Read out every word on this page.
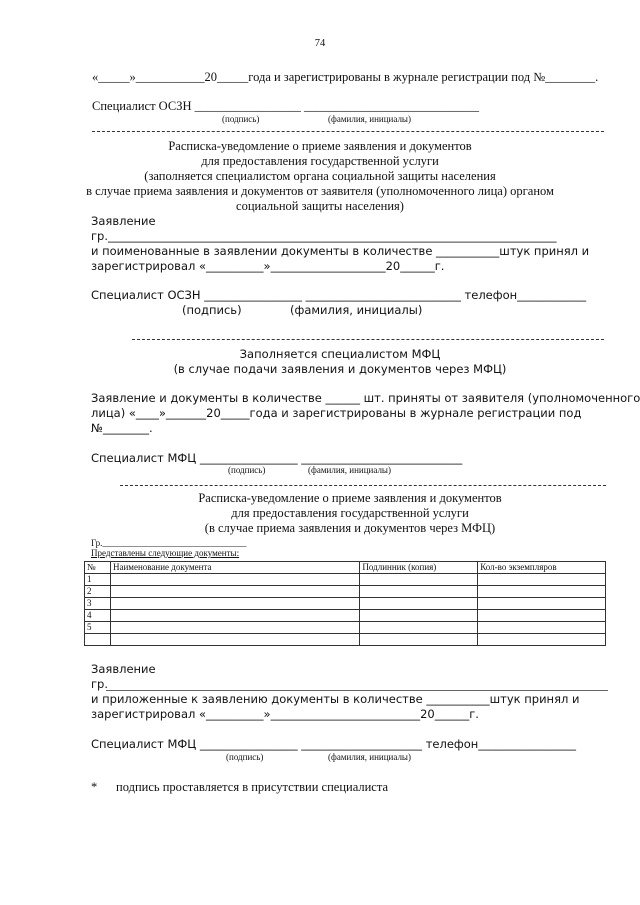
74
«_____»___________20_____года и зарегистрированы в журнале регистрации под №________.
Специалист ОСЗН _________________ ____________________________
(подпись)	(фамилия, инициалы)
Расписка-уведомление о приеме заявления и документов
для предоставления государственной услуги
(заполняется специалистом органа социальной защиты населения
в случае приема заявления и документов от заявителя (уполномоченного лица) органом
социальной защиты населения)
Заявление
гр.______________________________________________________________________________
и поименованные в заявлении документы в количестве ___________штук принял и
зарегистрировал «__________»____________________20______г.
Специалист ОСЗН _________________ ___________________________ телефон____________
(подпись)	(фамилия, инициалы)
Заполняется специалистом МФЦ
(в случае подачи заявления и документов через МФЦ)
Заявление и документы в количестве ______ шт. приняты от заявителя (уполномоченного
лица) «____»_______20_____года и зарегистрированы в журнале регистрации под
№________.
Специалист МФЦ _________________ ____________________________
(подпись)	(фамилия, инициалы)
Расписка-уведомление о приеме заявления и документов
для предоставления государственной услуги
(в случае приема заявления и документов через МФЦ)
Гр.________________________________
Представлены следующие документы:
№	Наименование документа	Подлинник (копия)	Кол-во экземпляров
1			
2			
3			
4			
5			

Заявление
гр.
и приложенные к заявлению документы в количестве ___________штук принял и
зарегистрировал «__________»__________________________20______г.
Специалист МФЦ _________________ _____________________ телефон_________________
(подпись)	(фамилия, инициалы)
* подпись проставляется в присутствии специалиста
